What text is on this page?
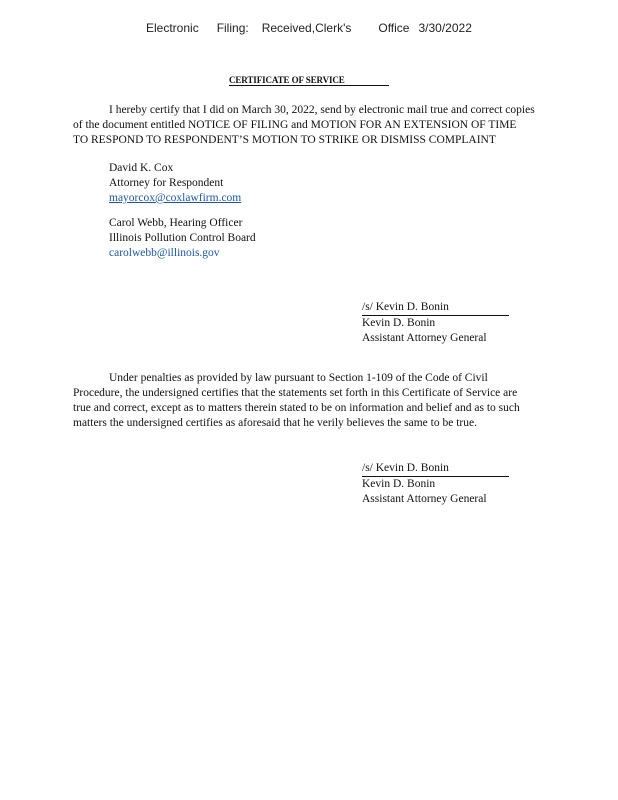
Electronic Filing: Received,Clerk's Office 3/30/2022
CERTIFICATE OF SERVICE
I hereby certify that I did on March 30, 2022, send by electronic mail true and correct copies
of the document entitled NOTICE OF FILING and MOTION FOR AN EXTENSION OF TIME
TO RESPOND TO RESPONDENT’S MOTION TO STRIKE OR DISMISS COMPLAINT
David K. Cox
Attorney for Respondent
mayorcox@coxlawfirm.com
Carol Webb, Hearing Officer
Illinois Pollution Control Board
carolwebb@illinois.gov

/s/ Kevin D. Bonin
Kevin D. Bonin
Assistant Attorney General
Under penalties as provided by law pursuant to Section 1-109 of the Code of Civil
Procedure, the undersigned certifies that the statements set forth in this Certificate of Service are
true and correct, except as to matters therein stated to be on information and belief and as to such
matters the undersigned certifies as aforesaid that he verily believes the same to be true.

/s/ Kevin D. Bonin
Kevin D. Bonin
Assistant Attorney General
